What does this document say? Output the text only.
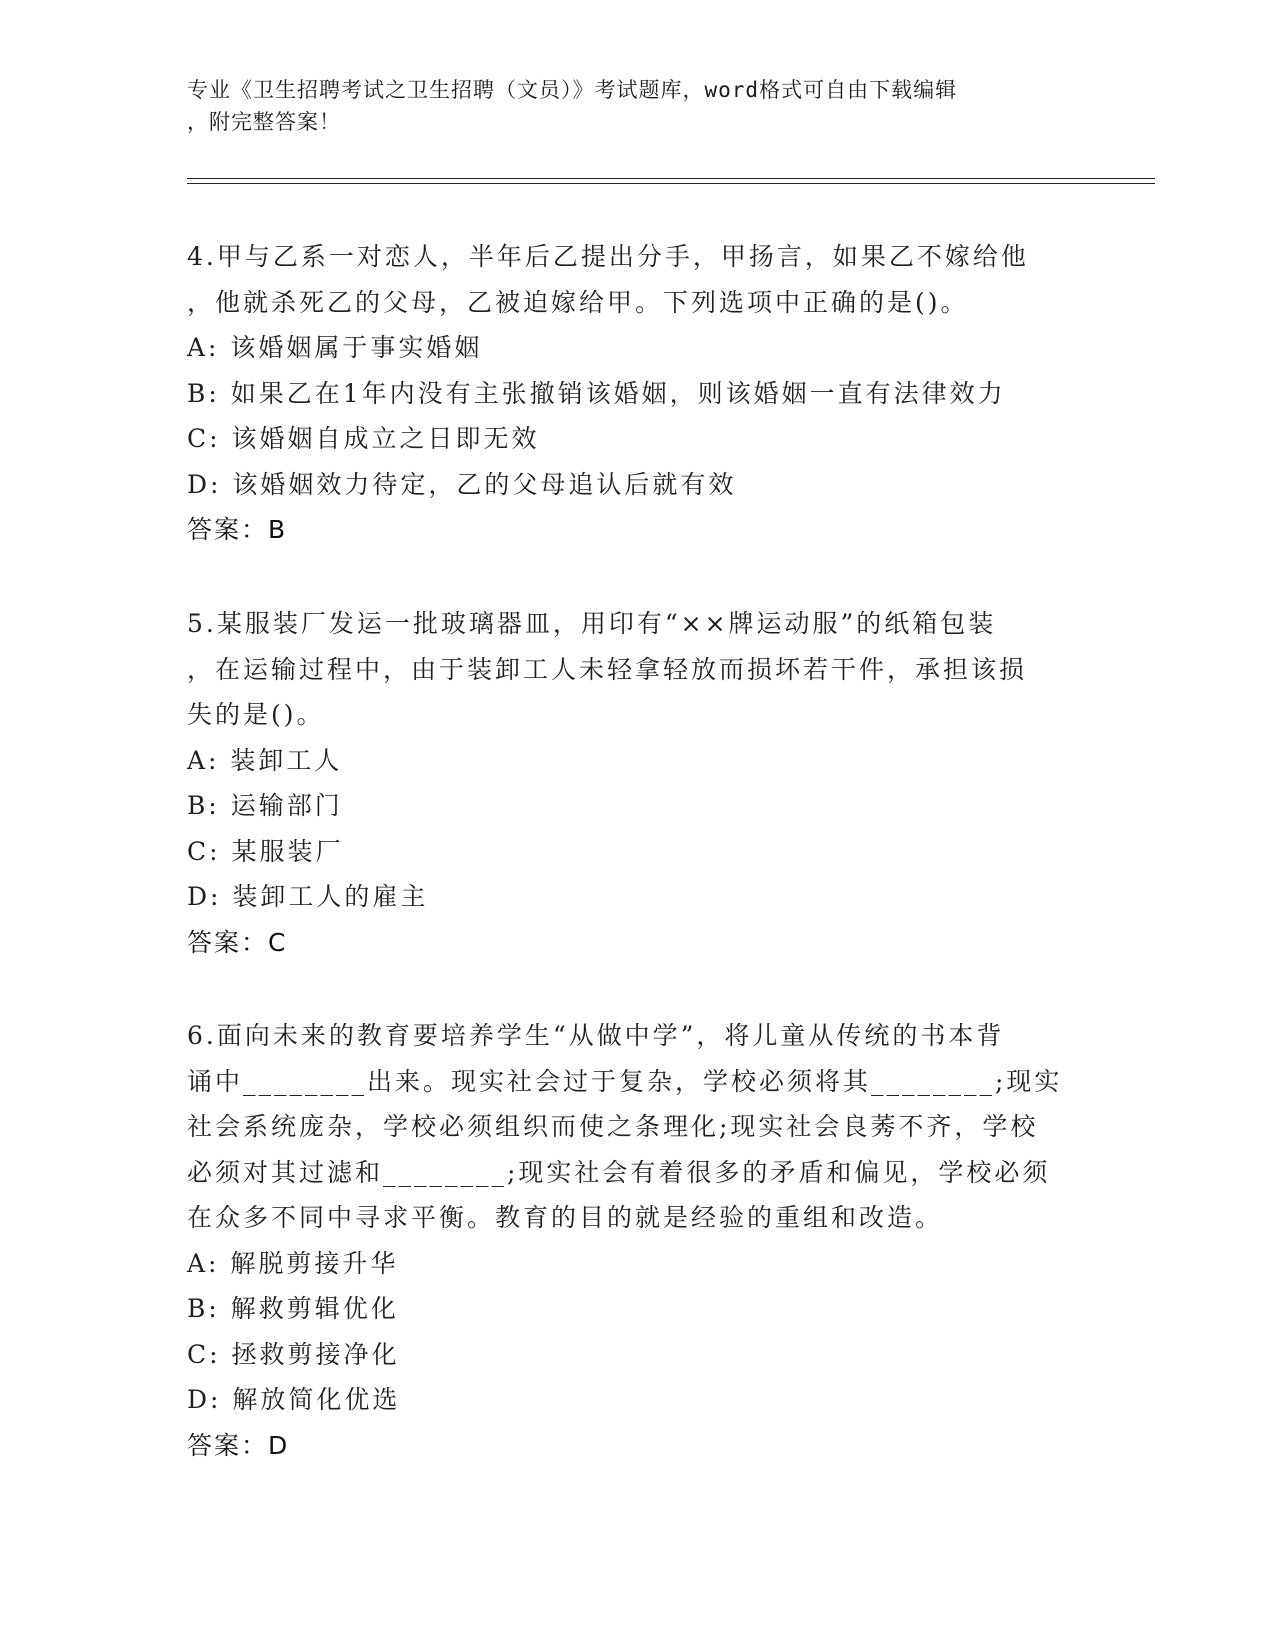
专业《卫生招聘考试之卫生招聘（文员）》考试题库，word格式可自由下载编辑
，附完整答案！
4.甲与乙系一对恋人，半年后乙提出分手，甲扬言，如果乙不嫁给他
，他就杀死乙的父母，乙被迫嫁给甲。下列选项中正确的是()。
A: 该婚姻属于事实婚姻
B: 如果乙在1年内没有主张撤销该婚姻，则该婚姻一直有法律效力
C: 该婚姻自成立之日即无效
D: 该婚姻效力待定，乙的父母追认后就有效
答案：B
5.某服装厂发运一批玻璃器皿，用印有“××牌运动服”的纸箱包装
，在运输过程中，由于装卸工人未轻拿轻放而损坏若干件，承担该损
失的是()。
A: 装卸工人
B: 运输部门
C: 某服装厂
D: 装卸工人的雇主
答案：C
6.面向未来的教育要培养学生“从做中学”，将儿童从传统的书本背
诵中________出来。现实社会过于复杂，学校必须将其________;现实
社会系统庞杂，学校必须组织而使之条理化;现实社会良莠不齐，学校
必须对其过滤和________;现实社会有着很多的矛盾和偏见，学校必须
在众多不同中寻求平衡。教育的目的就是经验的重组和改造。
A: 解脱剪接升华
B: 解救剪辑优化
C: 拯救剪接净化
D: 解放简化优选
答案：D
